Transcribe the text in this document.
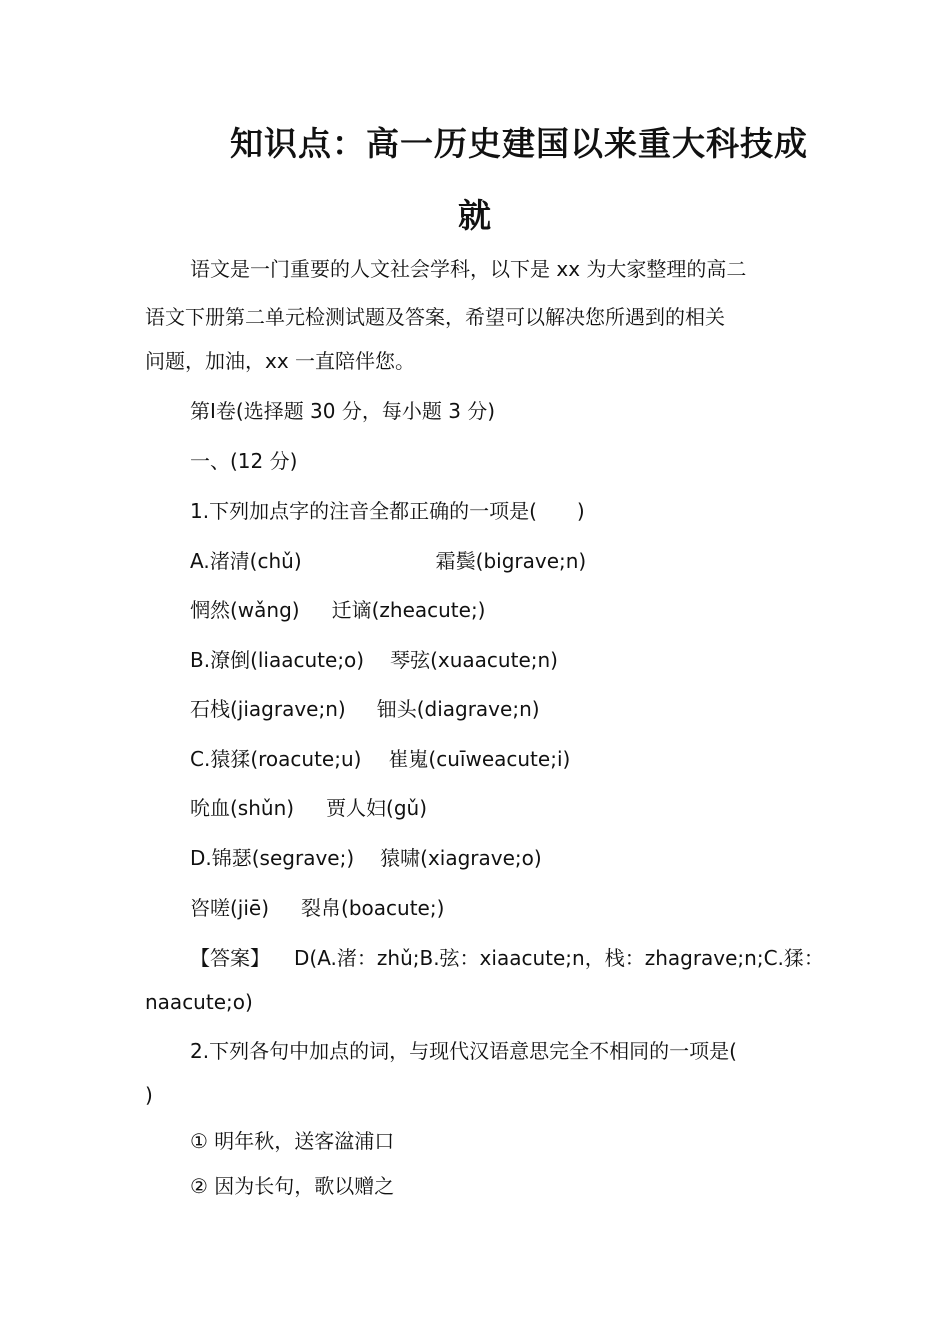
知识点：高一历史建国以来重大科技成
就
语文是一门重要的人文社会学科，以下是 xx 为大家整理的高二
语文下册第二单元检测试题及答案，希望可以解决您所遇到的相关
问题，加油，xx 一直陪伴您。
第Ⅰ卷(选择题 30 分，每小题 3 分)
一、(12 分)
1.下列加点字的注音全都正确的一项是(　　)
A.渚清(chǔ)	霜鬓(bigrave;n)
惘然(wǎng) 迁谪(zheacute;)
B.潦倒(liaacute;o) 琴弦(xuaacute;n)
石栈(jiagrave;n) 钿头(diagrave;n)
C.猿猱(roacute;u) 崔嵬(cuīweacute;i)
吮血(shǔn) 贾人妇(gǔ)
D.锦瑟(segrave;) 猿啸(xiagrave;o)
咨嗟(jiē) 裂帛(boacute;)
【答案】 D(A.渚：zhǔ;B.弦：xiaacute;n，栈：zhagrave;n;C.猱：
naacute;o)
2.下列各句中加点的词，与现代汉语意思完全不相同的一项是(
)
① 明年秋，送客湓浦口
② 因为长句，歌以赠之
